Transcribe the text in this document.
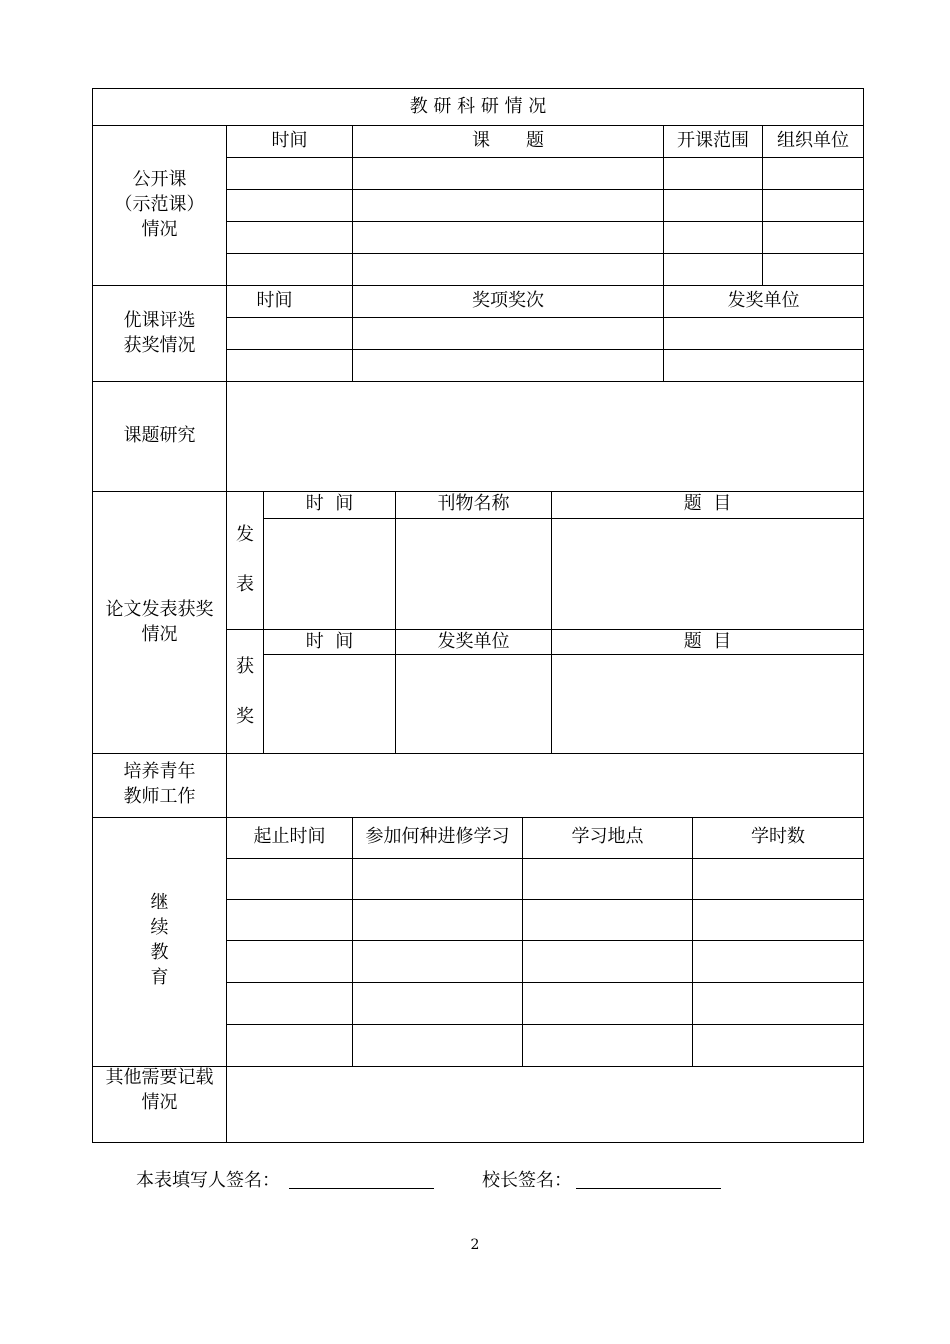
教 研 科 研 情 况
公开课
（示范课）
情况
时间	课　　题	开课范围	组织单位
优课评选
获奖情况
时间	奖项奖次	发奖单位
课题研究
论文发表获奖
情况
发
表
时  间	刊物名称	题  目
获
奖
时  间	发奖单位	题  目
培养青年
教师工作
继
续
教
育
起止时间	参加何种进修学习	学习地点	学时数
其他需要记载
情况
本表填写人签名：	校长签名：
2
